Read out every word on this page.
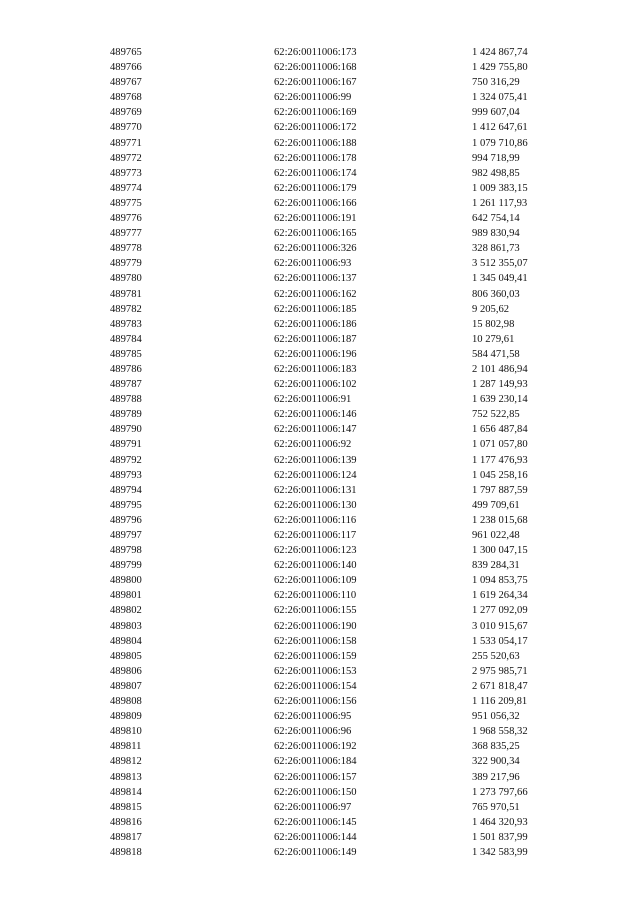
489765	62:26:0011006:173	1 424 867,74
489766	62:26:0011006:168	1 429 755,80
489767	62:26:0011006:167	750 316,29
489768	62:26:0011006:99	1 324 075,41
489769	62:26:0011006:169	999 607,04
489770	62:26:0011006:172	1 412 647,61
489771	62:26:0011006:188	1 079 710,86
489772	62:26:0011006:178	994 718,99
489773	62:26:0011006:174	982 498,85
489774	62:26:0011006:179	1 009 383,15
489775	62:26:0011006:166	1 261 117,93
489776	62:26:0011006:191	642 754,14
489777	62:26:0011006:165	989 830,94
489778	62:26:0011006:326	328 861,73
489779	62:26:0011006:93	3 512 355,07
489780	62:26:0011006:137	1 345 049,41
489781	62:26:0011006:162	806 360,03
489782	62:26:0011006:185	9 205,62
489783	62:26:0011006:186	15 802,98
489784	62:26:0011006:187	10 279,61
489785	62:26:0011006:196	584 471,58
489786	62:26:0011006:183	2 101 486,94
489787	62:26:0011006:102	1 287 149,93
489788	62:26:0011006:91	1 639 230,14
489789	62:26:0011006:146	752 522,85
489790	62:26:0011006:147	1 656 487,84
489791	62:26:0011006:92	1 071 057,80
489792	62:26:0011006:139	1 177 476,93
489793	62:26:0011006:124	1 045 258,16
489794	62:26:0011006:131	1 797 887,59
489795	62:26:0011006:130	499 709,61
489796	62:26:0011006:116	1 238 015,68
489797	62:26:0011006:117	961 022,48
489798	62:26:0011006:123	1 300 047,15
489799	62:26:0011006:140	839 284,31
489800	62:26:0011006:109	1 094 853,75
489801	62:26:0011006:110	1 619 264,34
489802	62:26:0011006:155	1 277 092,09
489803	62:26:0011006:190	3 010 915,67
489804	62:26:0011006:158	1 533 054,17
489805	62:26:0011006:159	255 520,63
489806	62:26:0011006:153	2 975 985,71
489807	62:26:0011006:154	2 671 818,47
489808	62:26:0011006:156	1 116 209,81
489809	62:26:0011006:95	951 056,32
489810	62:26:0011006:96	1 968 558,32
489811	62:26:0011006:192	368 835,25
489812	62:26:0011006:184	322 900,34
489813	62:26:0011006:157	389 217,96
489814	62:26:0011006:150	1 273 797,66
489815	62:26:0011006:97	765 970,51
489816	62:26:0011006:145	1 464 320,93
489817	62:26:0011006:144	1 501 837,99
489818	62:26:0011006:149	1 342 583,99
